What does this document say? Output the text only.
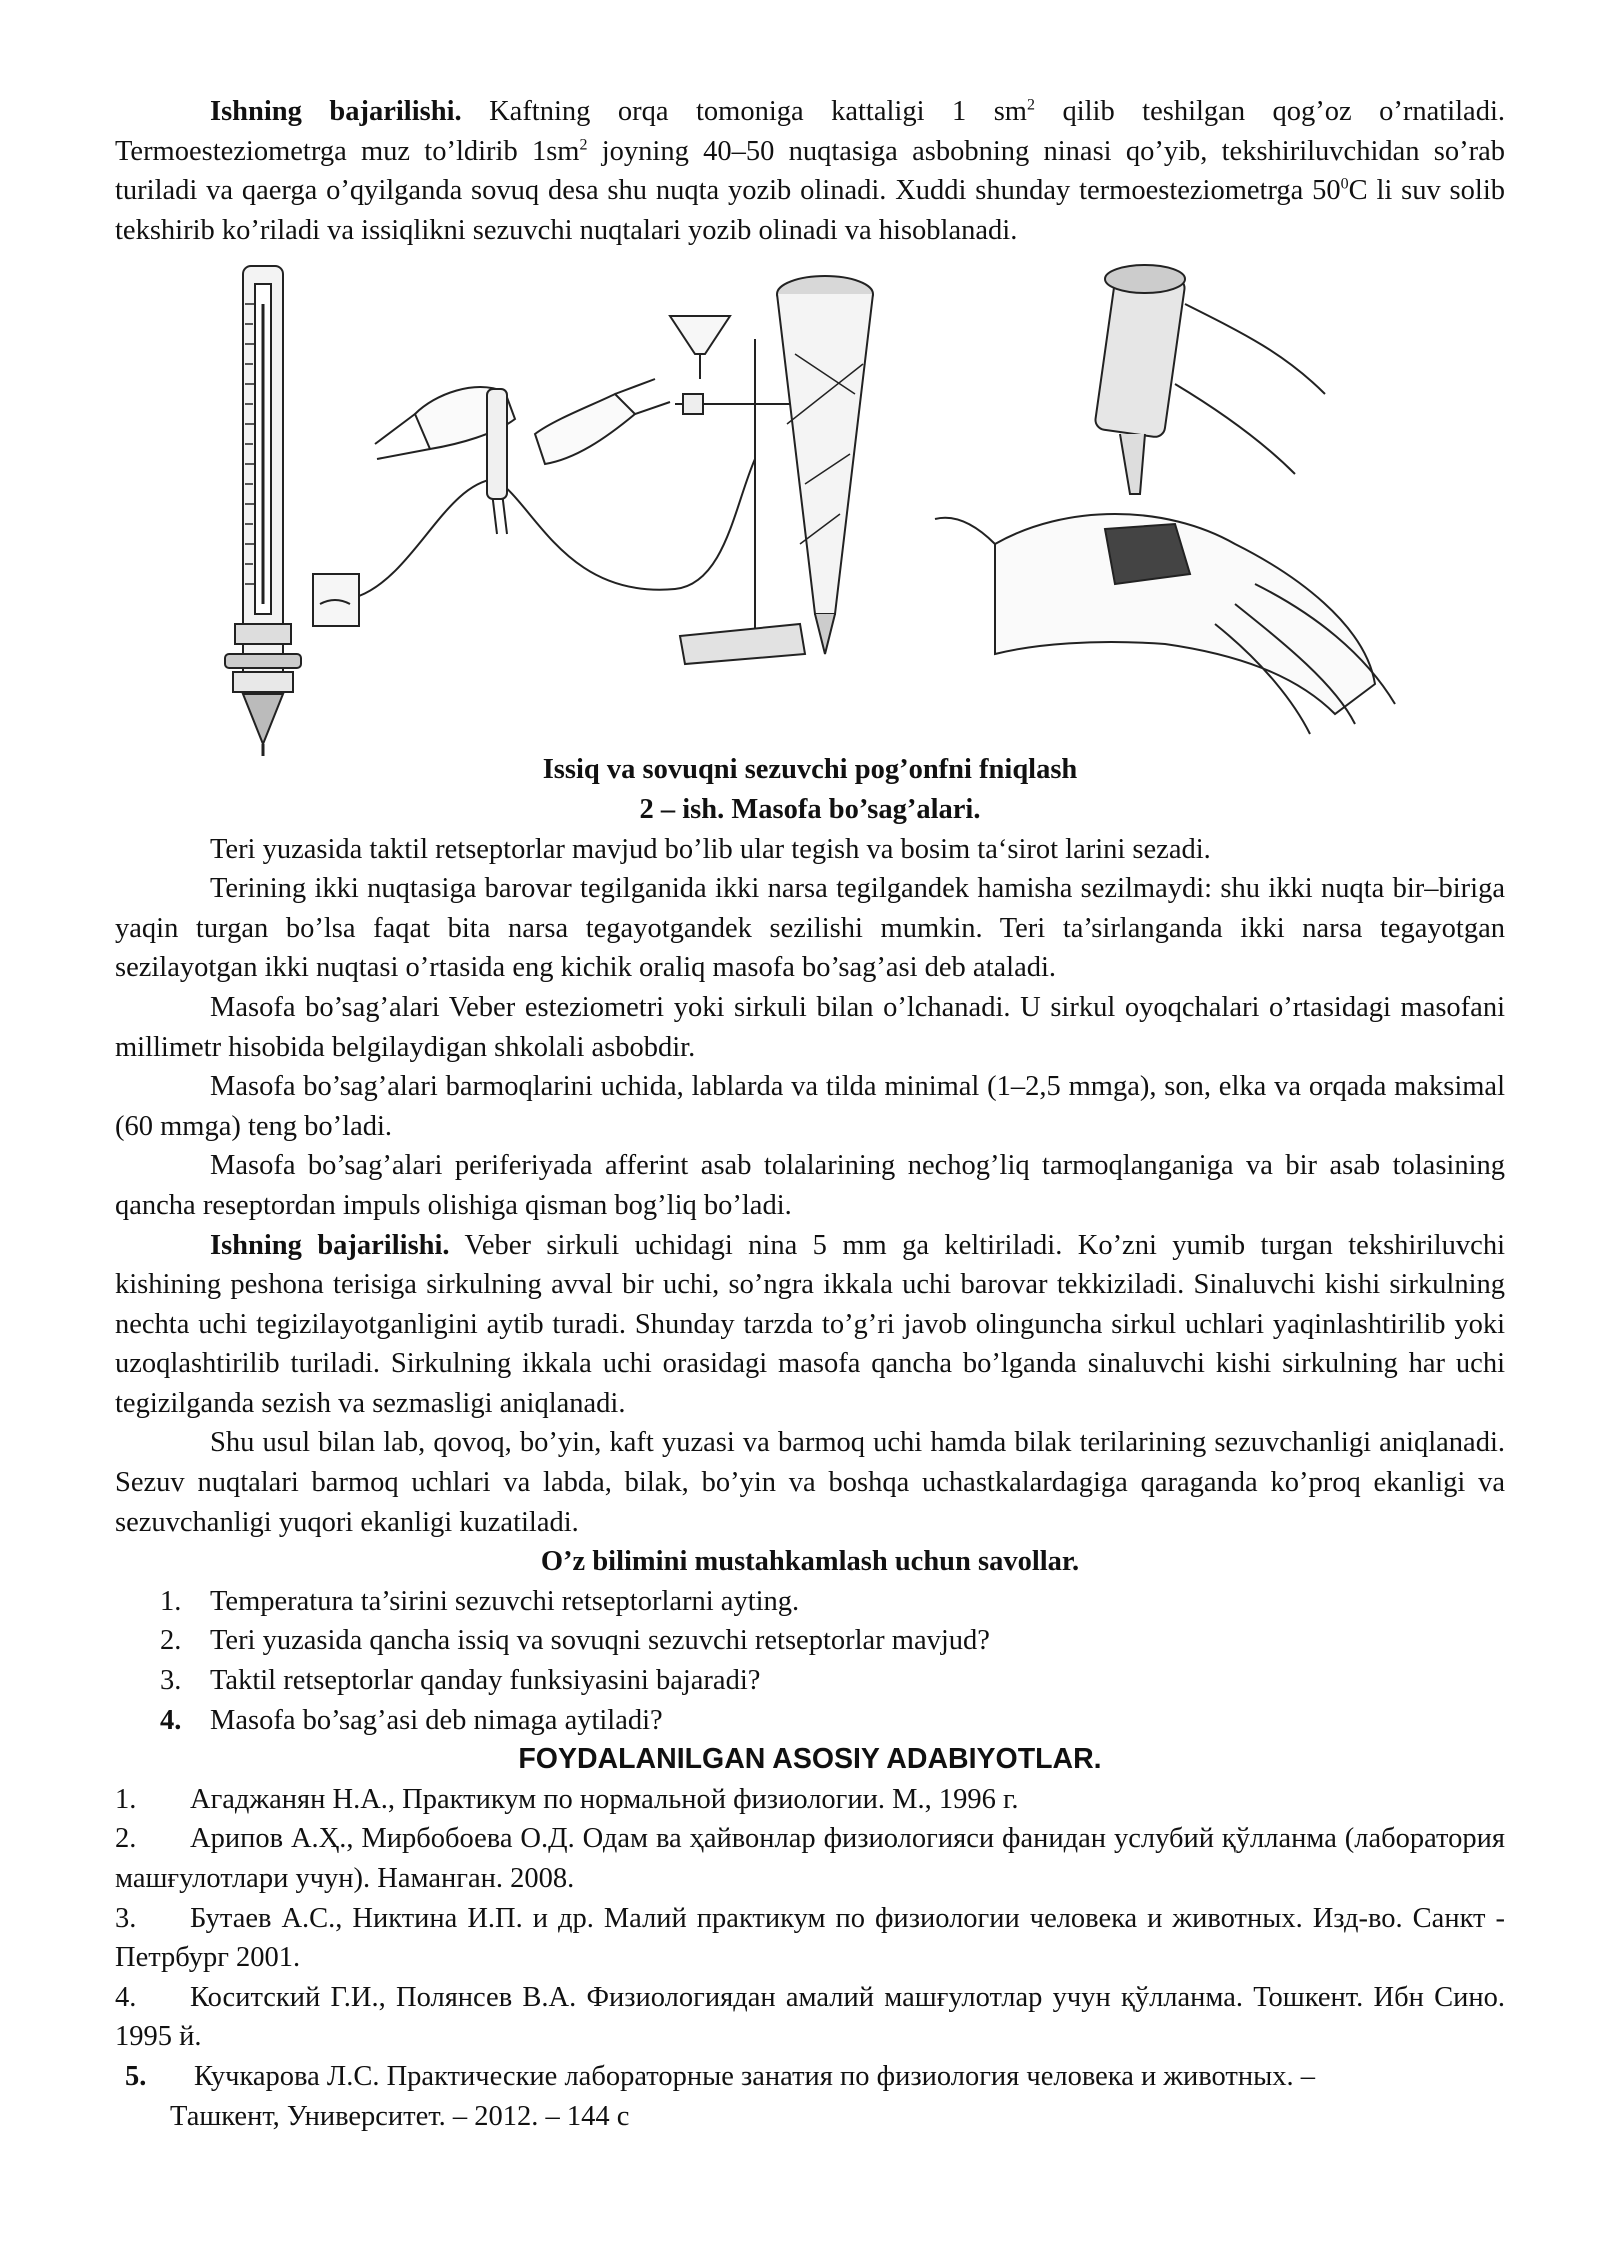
Ishning bajarilishi. Kaftning orqa tomoniga kattaligi 1 $sm^2$ qilib teshilgan qog’oz o’rnatiladi. Termoesteziometrga muz to’ldirib $1sm^2$ joyning 40–50 nuqtasiga asbobning ninasi qo’yib, tekshiriluvchidan so’rab turiladi va qaerga o’qyilganda sovuq desa shu nuqta yozib olinadi. Xuddi shunday termoesteziometrga $50^0C$ li suv solib tekshirib ko’riladi va issiqlikni sezuvchi nuqtalari yozib olinadi va hisoblanadi.

Issiq va sovuqni sezuvchi pog’onfni fniqlash

2 – ish. Masofa bo’sag’alari.

Teri yuzasida taktil retseptorlar mavjud bo’lib ular tegish va bosim ta‘sirot larini sezadi.

Terining ikki nuqtasiga barovar tegilganida ikki narsa tegilgandek hamisha sezilmaydi: shu ikki nuqta bir–biriga yaqin turgan bo’lsa faqat bita narsa tegayotgandek sezilishi mumkin. Teri ta’sirlanganda ikki narsa tegayotgan sezilayotgan ikki nuqtasi o’rtasida eng kichik oraliq masofa bo’sag’asi deb ataladi.

Masofa bo’sag’alari Veber esteziometri yoki sirkuli bilan o’lchanadi. U sirkul oyoqchalari o’rtasidagi masofani millimetr hisobida belgilaydigan shkolali asbobdir.

Masofa bo’sag’alari barmoqlarini uchida, lablarda va tilda minimal (1–2,5 mmga), son, elka va orqada maksimal (60 mmga) teng bo’ladi.

Masofa bo’sag’alari periferiyada afferint asab tolalarining nechog’liq tarmoqlanganiga va bir asab tolasining qancha reseptordan impuls olishiga qisman bog’liq bo’ladi.

Ishning bajarilishi. Veber sirkuli uchidagi nina 5 mm ga keltiriladi. Ko’zni yumib turgan tekshiriluvchi kishining peshona terisiga sirkulning avval bir uchi, so’ngra ikkala uchi barovar tekkiziladi. Sinaluvchi kishi sirkulning nechta uchi tegizilayotganligini aytib turadi. Shunday tarzda to’g’ri javob olinguncha sirkul uchlari yaqinlashtirilib yoki uzoqlashtirilib turiladi. Sirkulning ikkala uchi orasidagi masofa qancha bo’lganda sinaluvchi kishi sirkulning har uchi tegizilganda sezish va sezmasligi aniqlanadi.

Shu usul bilan lab, qovoq, bo’yin, kaft yuzasi va barmoq uchi hamda bilak terilarining sezuvchanligi aniqlanadi. Sezuv nuqtalari barmoq uchlari va labda, bilak, bo’yin va boshqa uchastkalardagiga qaraganda ko’proq ekanligi va sezuvchanligi yuqori ekanligi kuzatiladi.

O’z bilimini mustahkamlash uchun savollar.

1. Temperatura ta’sirini sezuvchi retseptorlarni ayting.
2. Teri yuzasida qancha issiq va sovuqni sezuvchi retseptorlar mavjud?
3. Taktil retseptorlar qanday funksiyasini bajaradi?
4. Masofa bo’sag’asi deb nimaga aytiladi?

FOYDALANILGAN ASOSIY ADABIYOTLAR.

1. Агаджанян Н.А., Практикум по нормальной физиологии. М., 1996 г.
2. Арипов А.Ҳ., Мирбобоева О.Д. Одам ва ҳайвонлар физиологияси фанидан услубий қўлланма (лаборатория машғулотлари учун). Наманган. 2008.
3. Бутаев А.С., Никтина И.П. и др. Малий практикум по физиологии человека и животных. Изд-во. Санкт - Петрбург 2001.
4. Коситский Г.И., Полянсев В.А. Физиологиядан амалий машғулотлар учун қўлланма. Тошкент. Ибн Сино. 1995 й.
5.	Кучкарова Л.С. Практические лабораторные занатия по физиология человека и животных. –
Ташкент, Университет. – 2012. – 144 с
